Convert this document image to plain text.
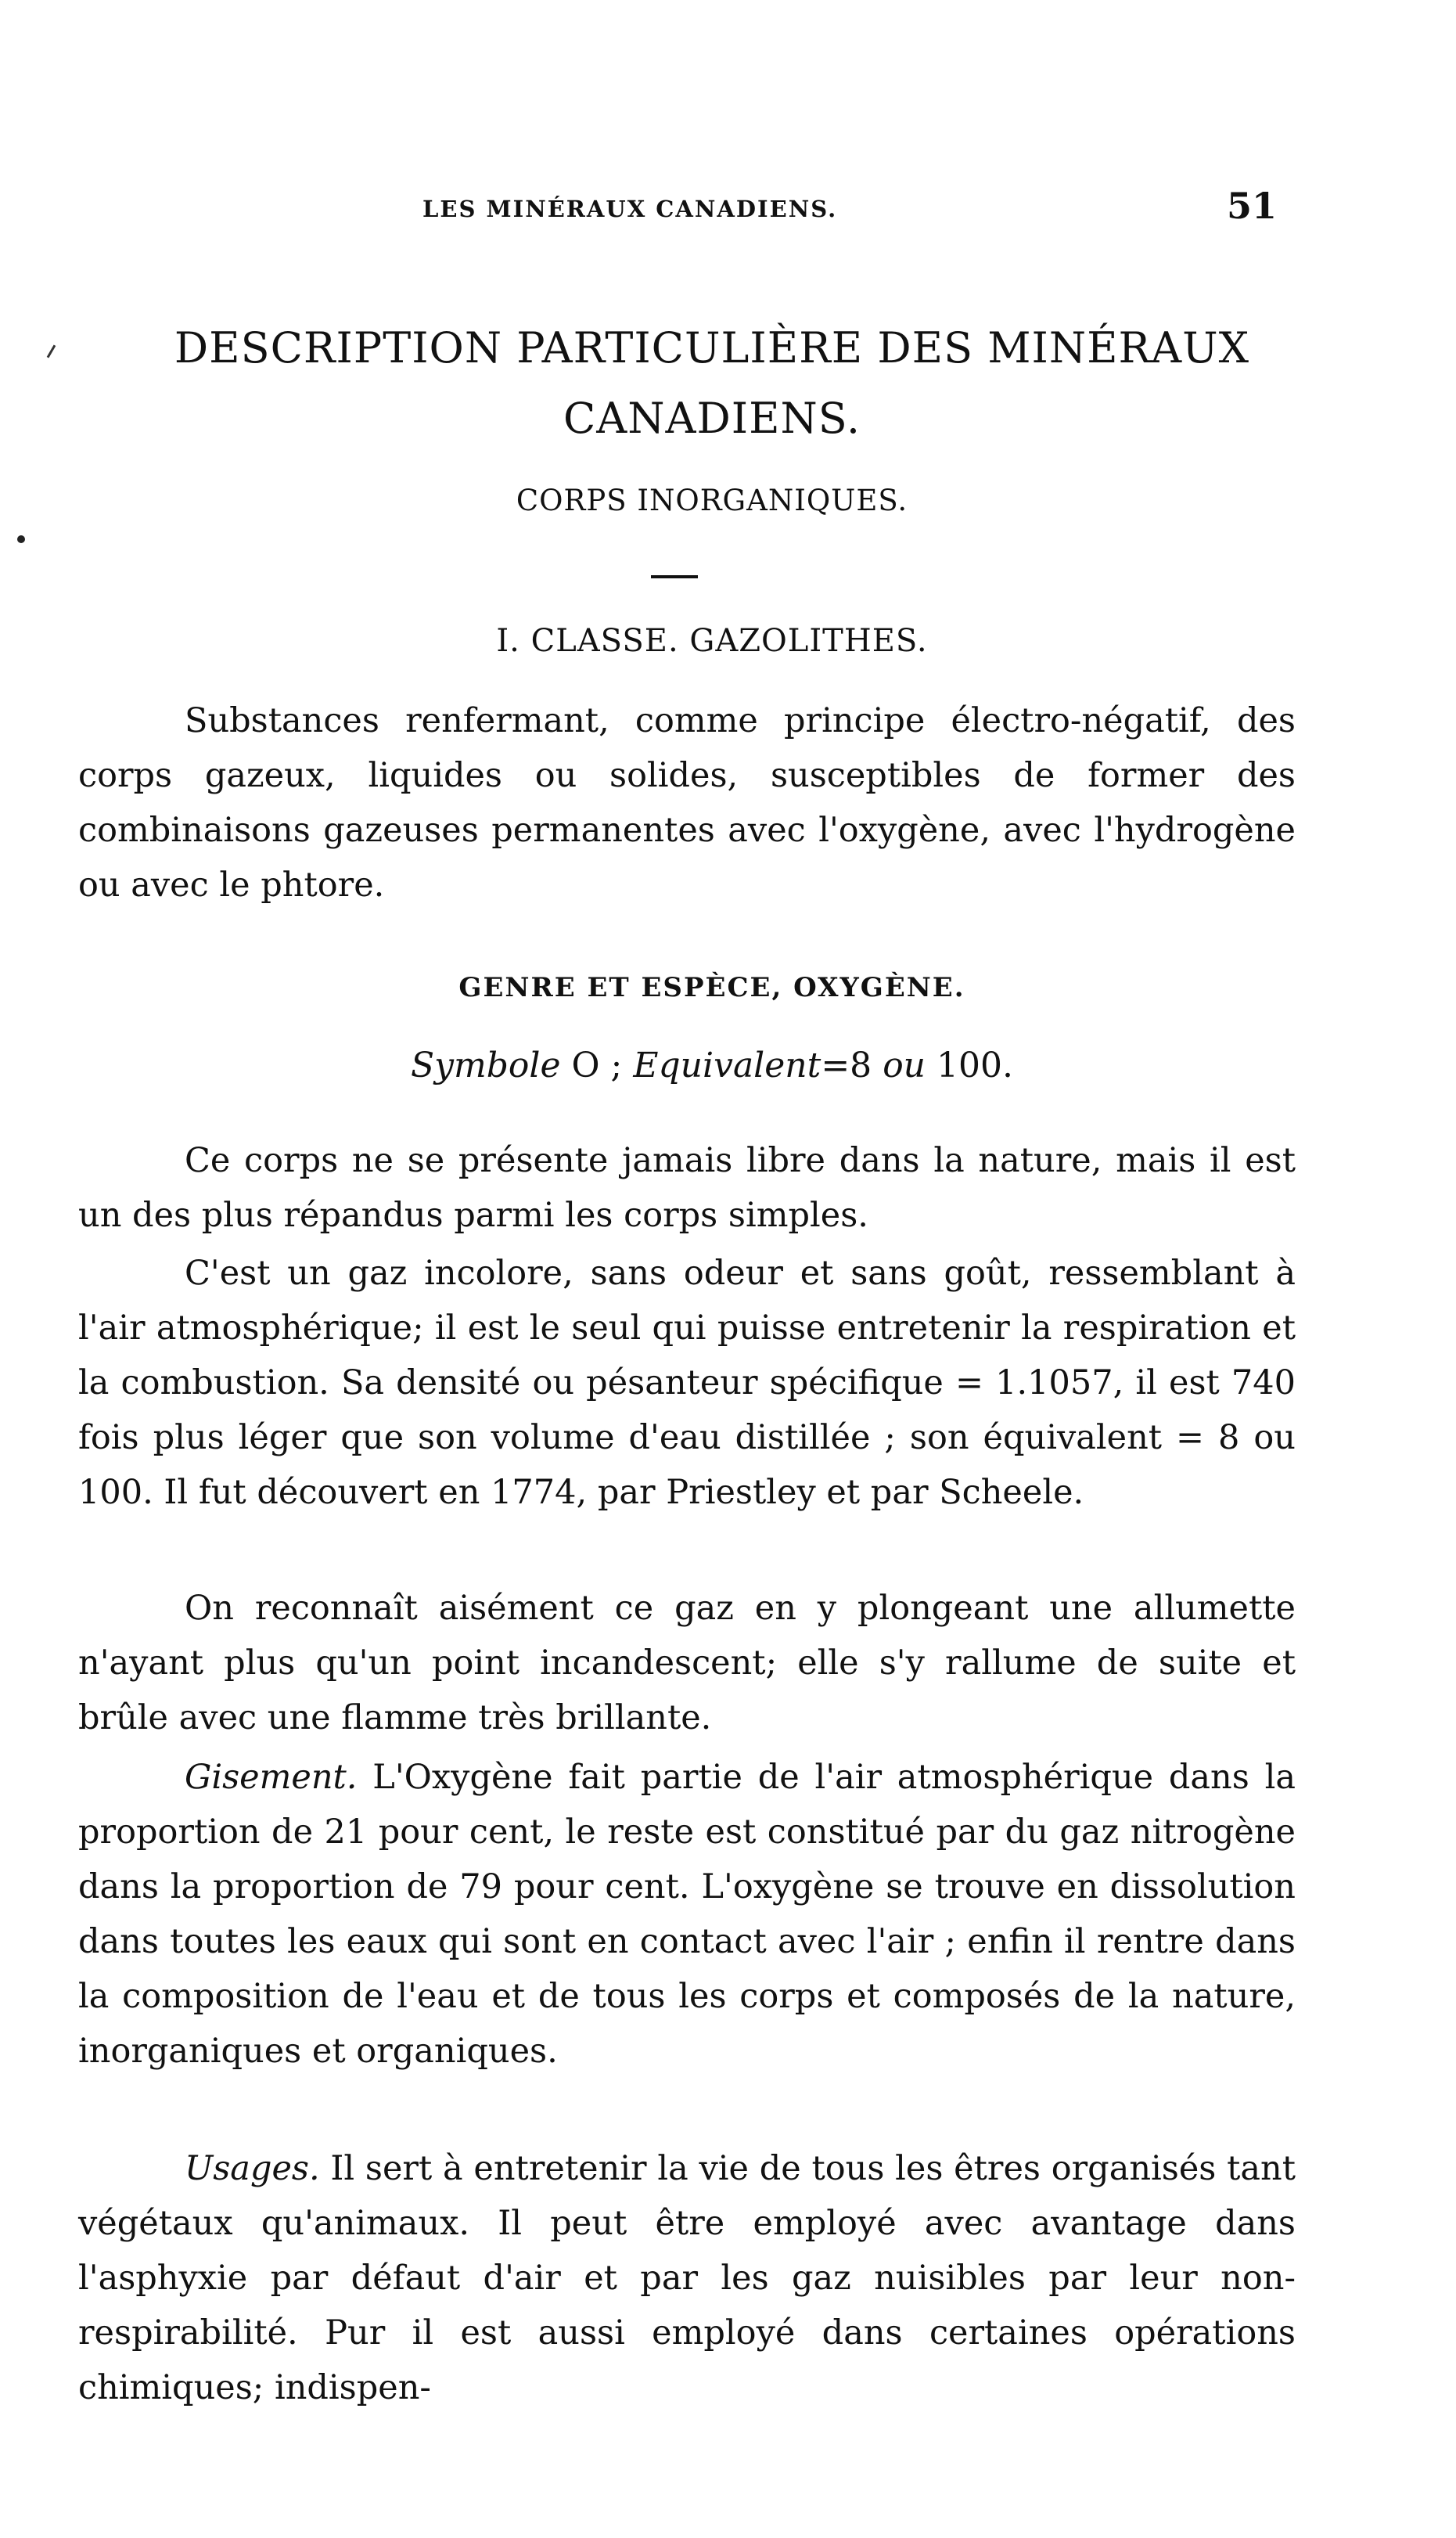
LES MINÉRAUX CANADIENS.	51
DESCRIPTION PARTICULIÈRE DES MINÉRAUX
CANADIENS.
CORPS INORGANIQUES.
I. CLASSE. GAZOLITHES.

Substances renfermant, comme principe électro-négatif, des corps gazeux, liquides ou solides, susceptibles de former des combinaisons gazeuses permanentes avec l'oxygène, avec l'hydrogène ou avec le phtore.

GENRE ET ESPÈCE, OXYGÈNE.
Symbole O ; Equivalent=8 ou 100.

Ce corps ne se présente jamais libre dans la nature, mais il est un des plus répandus parmi les corps simples.

C'est un gaz incolore, sans odeur et sans goût, ressemblant à l'air atmosphérique; il est le seul qui puisse entretenir la respiration et la combustion. Sa densité ou pésanteur spécifique = 1.1057, il est 740 fois plus léger que son volume d'eau distillée ; son équivalent = 8 ou 100. Il fut découvert en 1774, par Priestley et par Scheele.

On reconnaît aisément ce gaz en y plongeant une allumette n'ayant plus qu'un point incandescent; elle s'y rallume de suite et brûle avec une flamme très brillante.

Gisement. L'Oxygène fait partie de l'air atmosphérique dans la proportion de 21 pour cent, le reste est constitué par du gaz nitrogène dans la proportion de 79 pour cent. L'oxygène se trouve en dissolution dans toutes les eaux qui sont en contact avec l'air ; enfin il rentre dans la composition de l'eau et de tous les corps et composés de la nature, inorganiques et organiques.

Usages. Il sert à entretenir la vie de tous les êtres organisés tant végétaux qu'animaux. Il peut être employé avec avantage dans l'asphyxie par défaut d'air et par les gaz nuisibles par leur non-respirabilité. Pur il est aussi employé dans certaines opérations chimiques; indispen-
